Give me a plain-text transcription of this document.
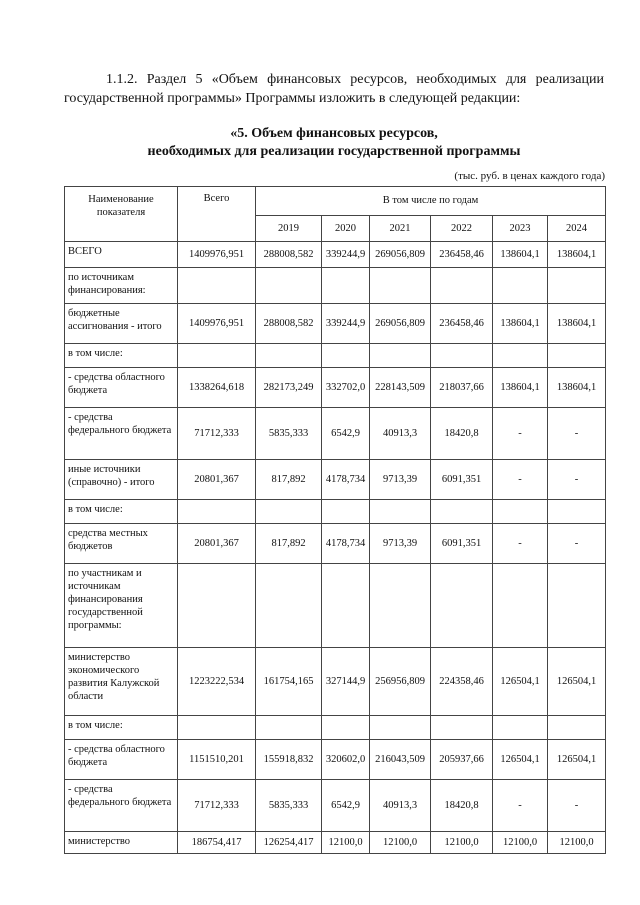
1.1.2. Раздел 5 «Объем финансовых ресурсов, необходимых для реализации
государственной программы» Программы изложить в следующей редакции:

«5. Объем финансовых ресурсов,

необходимых для реализации государственной программы

(тыс. руб. в ценах каждого года)

Наименование показателя	Всего	В том числе по годам					
		2019	2020	2021	2022	2023	2024
ВСЕГО	1409976,951	288008,582	339244,9	269056,809	236458,46	138604,1	138604,1
по источникам финансирования:							
бюджетные ассигнования - итого	1409976,951	288008,582	339244,9	269056,809	236458,46	138604,1	138604,1
в том числе:							
- средства областного бюджета	1338264,618	282173,249	332702,0	228143,509	218037,66	138604,1	138604,1
- средства федерального бюджета	71712,333	5835,333	6542,9	40913,3	18420,8	-	-
иные источники (справочно) - итого	20801,367	817,892	4178,734	9713,39	6091,351	-	-
в том числе:							
средства местных бюджетов	20801,367	817,892	4178,734	9713,39	6091,351	-	-
по участникам и источникам финансирования государственной программы:							
министерство экономического развития Калужской области	1223222,534	161754,165	327144,9	256956,809	224358,46	126504,1	126504,1
в том числе:							
- средства областного бюджета	1151510,201	155918,832	320602,0	216043,509	205937,66	126504,1	126504,1
- средства федерального бюджета	71712,333	5835,333	6542,9	40913,3	18420,8	-	-
министерство	186754,417	126254,417	12100,0	12100,0	12100,0	12100,0	12100,0
